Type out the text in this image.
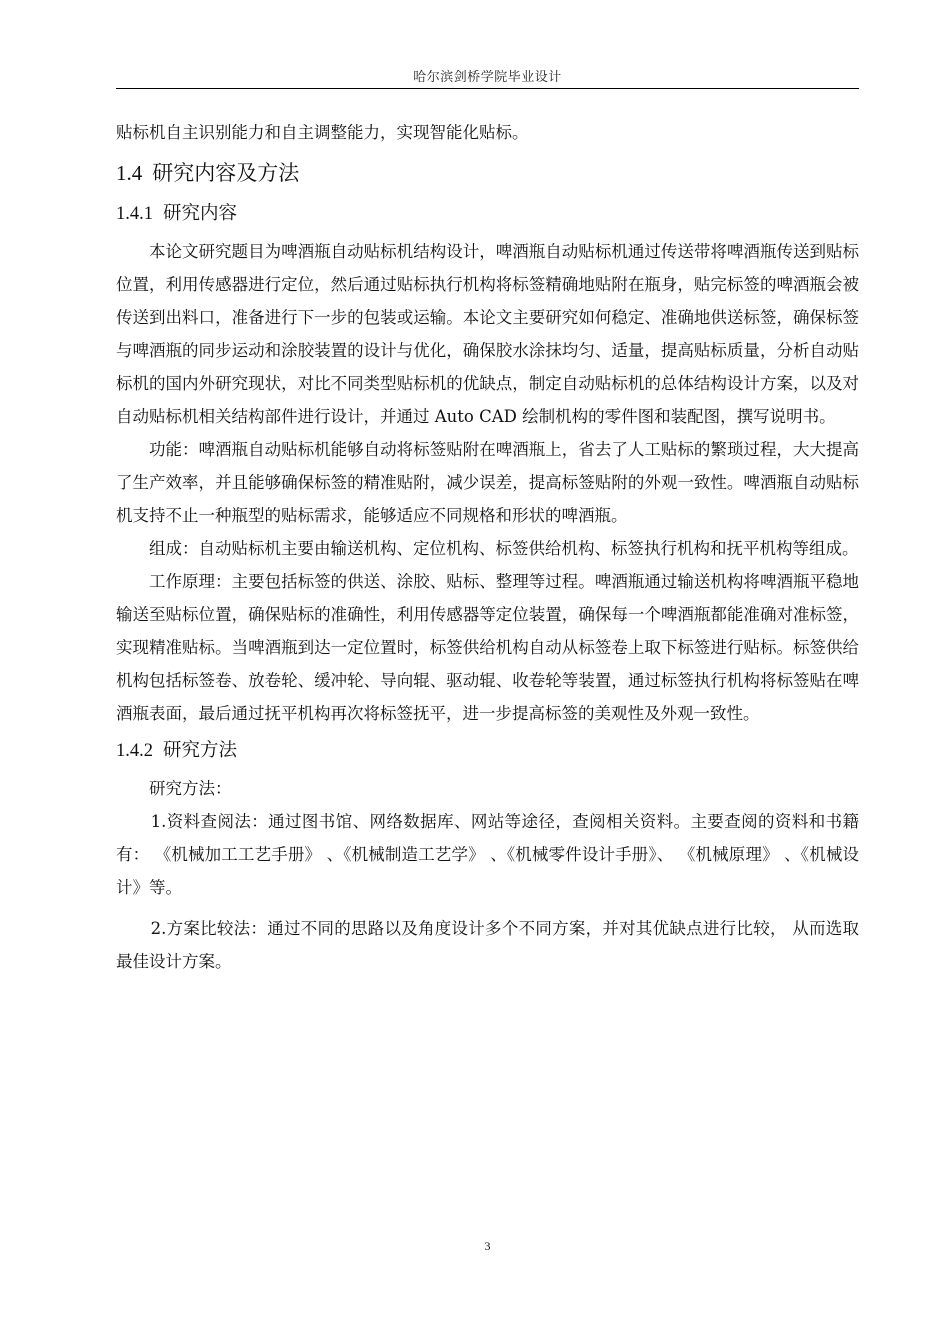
哈尔滨剑桥学院毕业设计

贴标机自主识别能力和自主调整能力，实现智能化贴标。

1.4 研究内容及方法
1.4.1 研究内容

本论文研究题目为啤酒瓶自动贴标机结构设计，啤酒瓶自动贴标机通过传送带将啤酒瓶传送到贴标位置，利用传感器进行定位，然后通过贴标执行机构将标签精确地贴附在瓶身，贴完标签的啤酒瓶会被传送到出料口，准备进行下一步的包装或运输。本论文主要研究如何稳定、准确地供送标签，确保标签与啤酒瓶的同步运动和涂胶装置的设计与优化，确保胶水涂抹均匀、适量，提高贴标质量，分析自动贴标机的国内外研究现状，对比不同类型贴标机的优缺点，制定自动贴标机的总体结构设计方案，以及对自动贴标机相关结构部件进行设计，并通过 Auto CAD 绘制机构的零件图和装配图，撰写说明书。

功能：啤酒瓶自动贴标机能够自动将标签贴附在啤酒瓶上，省去了人工贴标的繁琐过程，大大提高了生产效率，并且能够确保标签的精准贴附，减少误差，提高标签贴附的外观一致性。啤酒瓶自动贴标机支持不止一种瓶型的贴标需求，能够适应不同规格和形状的啤酒瓶。

组成：自动贴标机主要由输送机构、定位机构、标签供给机构、标签执行机构和抚平机构等组成。

工作原理：主要包括标签的供送、涂胶、贴标、整理等过程。啤酒瓶通过输送机构将啤酒瓶平稳地输送至贴标位置，确保贴标的准确性，利用传感器等定位装置，确保每一个啤酒瓶都能准确对准标签，实现精准贴标。当啤酒瓶到达一定位置时，标签供给机构自动从标签卷上取下标签进行贴标。标签供给机构包括标签卷、放卷轮、缓冲轮、导向辊、驱动辊、收卷轮等装置，通过标签执行机构将标签贴在啤酒瓶表面，最后通过抚平机构再次将标签抚平，进一步提高标签的美观性及外观一致性。

1.4.2 研究方法

研究方法：

1.资料查阅法：通过图书馆、网络数据库、网站等途径，查阅相关资料。主要查阅的资料和书籍有： 《机械加工工艺手册》 、《机械制造工艺学》 、《机械零件设计手册》、 《机械原理》 、《机械设计》等。

2.方案比较法：通过不同的思路以及角度设计多个不同方案，并对其优缺点进行比较， 从而选取最佳设计方案。

3
